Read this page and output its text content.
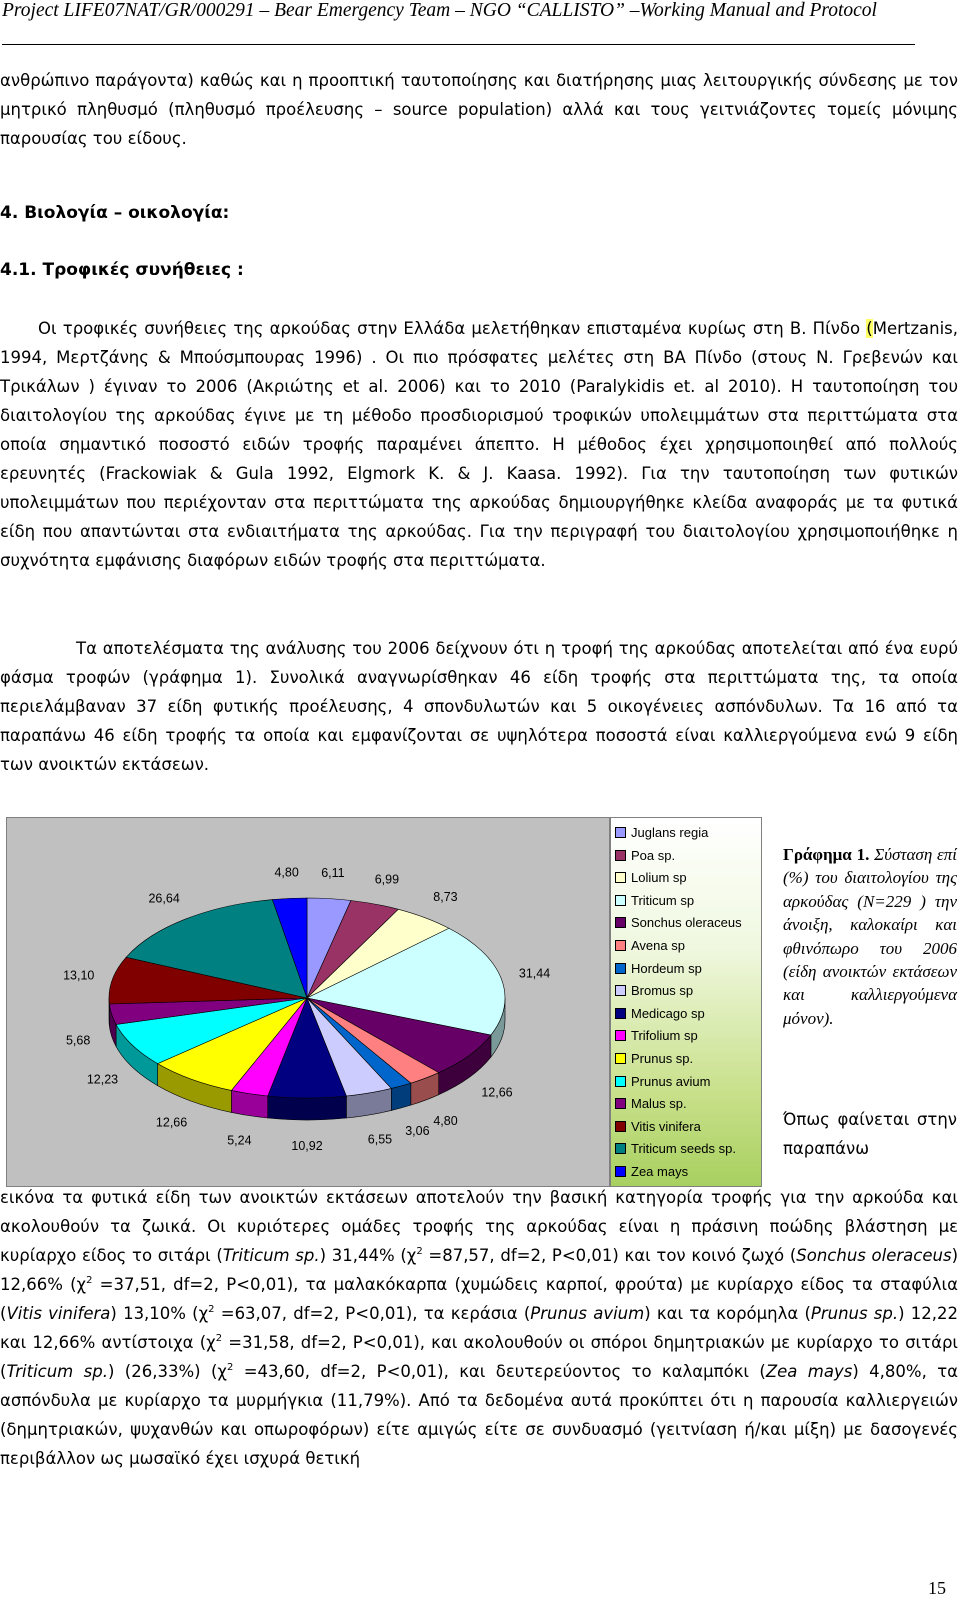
Project LIFE07NAT/GR/000291 – Bear Emergency Team – NGO “CALLISTO” –Working Manual and Protocol

ανθρώπινο παράγοντα) καθώς και η προοπτική ταυτοποίησης και διατήρησης μιας λειτουργικής σύνδεσης με τον μητρικό πληθυσμό (πληθυσμό προέλευσης – source population) αλλά και τους γειτνιάζοντες τομείς μόνιμης παρουσίας του είδους.

4. Βιολογία – οικολογία:
4.1. Τροφικές συνήθειες :

Οι τροφικές συνήθειες της αρκούδας στην Ελλάδα μελετήθηκαν επισταμένα κυρίως στη Β. Πίνδο (Mertzanis, 1994, Μερτζάνης & Μπούσμπουρας 1996) . Οι πιο πρόσφατες μελέτες στη ΒΑ Πίνδο (στους Ν. Γρεβενών και Τρικάλων ) έγιναν το 2006 (Ακριώτης et al. 2006) και το 2010 (Paralykidis et. al 2010). Η ταυτοποίηση του διαιτολογίου της αρκούδας έγινε με τη μέθοδο προσδιορισμού τροφικών υπολειμμάτων στα περιττώματα στα οποία σημαντικό ποσοστό ειδών τροφής παραμένει άπεπτο. Η μέθοδος έχει χρησιμοποιηθεί από πολλούς ερευνητές (Frackowiak & Gula 1992, Elgmork K. & J. Kaasa. 1992). Για την ταυτοποίηση των φυτικών υπολειμμάτων που περιέχονταν στα περιττώματα της αρκούδας δημιουργήθηκε κλείδα αναφοράς με τα φυτικά είδη που απαντώνται στα ενδιαιτήματα της αρκούδας. Για την περιγραφή του διαιτολογίου χρησιμοποιήθηκε η συχνότητα εμφάνισης διαφόρων ειδών τροφής στα περιττώματα.

Τα αποτελέσματα της ανάλυσης του 2006 δείχνουν ότι η τροφή της αρκούδας αποτελείται από ένα ευρύ φάσμα τροφών (γράφημα 1). Συνολικά αναγνωρίσθηκαν 46 είδη τροφής στα περιττώματα της, τα οποία περιελάμβαναν 37 είδη φυτικής προέλευσης, 4 σπονδυλωτών και 5 οικογένειες ασπόνδυλων. Τα 16 από τα παραπάνω 46 είδη τροφής τα οποία και εμφανίζονται σε υψηλότερα ποσοστά είναι καλλιεργούμενα ενώ 9 είδη των ανοικτών εκτάσεων.

6,11 6,99
8,73
31,44
12,66
4,80
3,06
6,55
10,92
5,24
12,66
12,23
5,68
13,10
26,64
4,80
Juglans regia
Poa sp.
Lolium sp
Triticum sp
Sonchus oleraceus
Avena sp
Hordeum sp
Bromus sp
Medicago sp
Trifolium sp
Prunus sp.
Prunus avium
Malus sp.
Vitis vinifera
Triticum seeds sp.
Zea mays
Γράφημα 1. Σύσταση επί (%) του διαιτολογίου της αρκούδας (N=229 ) την άνοιξη, καλοκαίρι και φθινόπωρο του 2006 (είδη ανοικτών εκτάσεων και καλλιεργούμενα μόνον).
Όπως φαίνεται στην παραπάνω

εικόνα τα φυτικά είδη των ανοικτών εκτάσεων αποτελούν την βασική κατηγορία τροφής για την αρκούδα και ακολουθούν τα ζωικά. Οι κυριότερες ομάδες τροφής της αρκούδας είναι η πράσινη ποώδης βλάστηση με κυρίαρχο είδος το σιτάρι (Triticum sp.) 31,44% ($\chi^2 =87,57$, df=2, P<0,01) και τον κοινό ζωχό (Sonchus oleraceus) 12,66% ($\chi^2 =37,51$, df=2, P<0,01), τα μαλακόκαρπα (χυμώδεις καρποί, φρούτα) με κυρίαρχο είδος τα σταφύλια (Vitis vinifera) 13,10% ($\chi^2 =63,07$, df=2, P<0,01), τα κεράσια (Prunus avium) και τα κορόμηλα (Prunus sp.) 12,22 και 12,66% αντίστοιχα ($\chi^2 =31,58$, df=2, P<0,01), και ακολουθούν οι σπόροι δημητριακών με κυρίαρχο το σιτάρι (Triticum sp.) (26,33%) ($\chi^2 =43,60$, df=2, P<0,01), και δευτερεύοντος το καλαμπόκι (Zea mays) 4,80%, τα ασπόνδυλα με κυρίαρχο τα μυρμήγκια (11,79%). Από τα δεδομένα αυτά προκύπτει ότι η παρουσία καλλιεργειών (δημητριακών, ψυχανθών και οπωροφόρων) είτε αμιγώς είτε σε συνδυασμό (γειτνίαση ή/και μίξη) με δασογενές περιβάλλον ως μωσαϊκό έχει ισχυρά θετική

15
